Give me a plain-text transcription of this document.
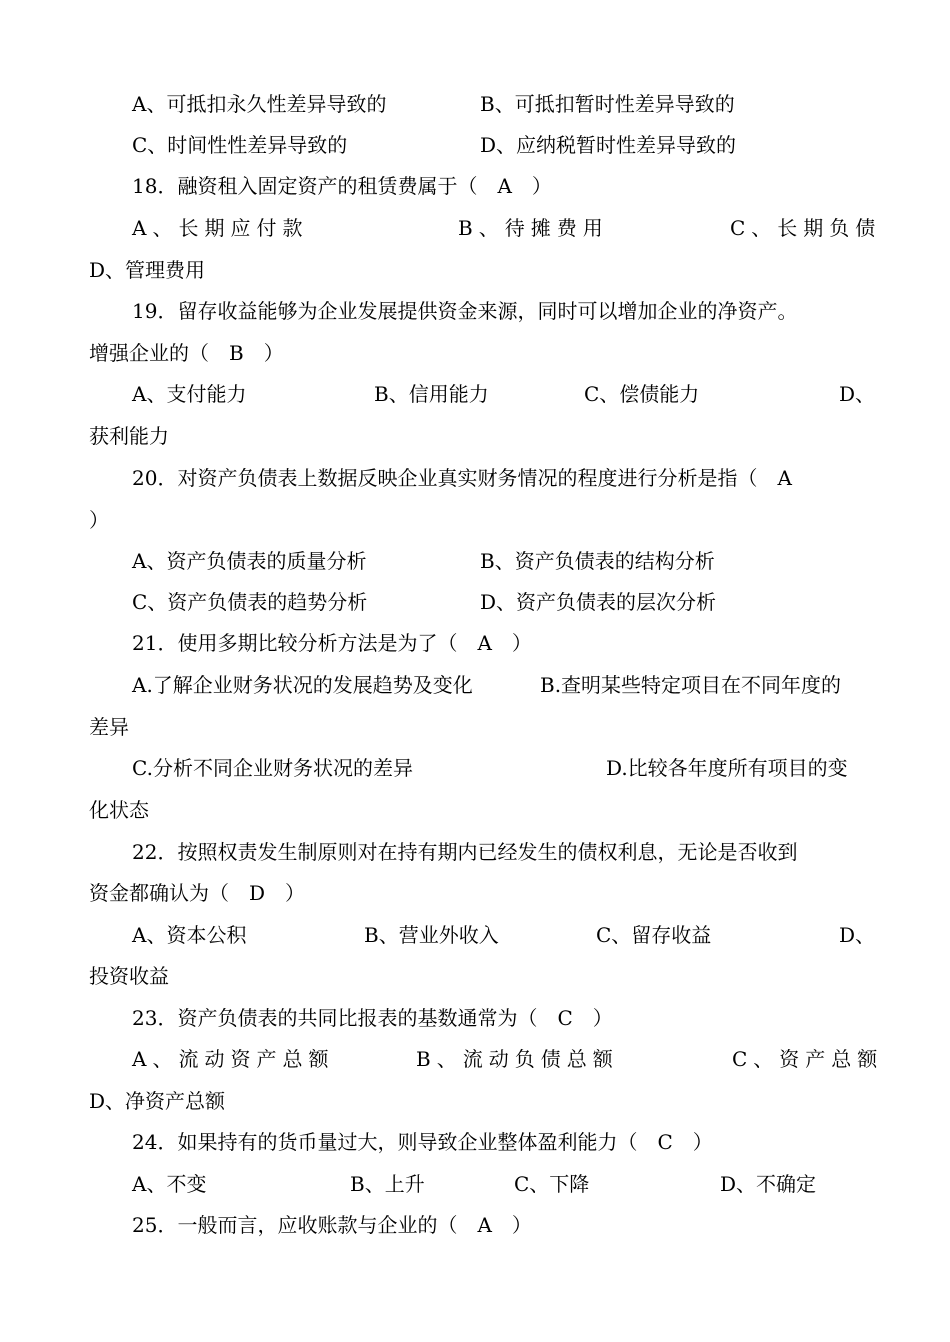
A、可抵扣永久性差异导致的	B、可抵扣暂时性差异导致的
C、时间性性差异导致的	D、应纳税暂时性差异导致的
18．融资租入固定资产的租赁费属于（　A　）
A、长期应付款	B、待摊费用	C、长期负债
D、管理费用
19．留存收益能够为企业发展提供资金来源，同时可以增加企业的净资产。
增强企业的（　B　）
A、支付能力	B、信用能力	C、偿债能力	D、
获利能力
20．对资产负债表上数据反映企业真实财务情况的程度进行分析是指（　A
）
A、资产负债表的质量分析	B、资产负债表的结构分析
C、资产负债表的趋势分析	D、资产负债表的层次分析
21．使用多期比较分析方法是为了（　A　）
A.了解企业财务状况的发展趋势及变化	B.查明某些特定项目在不同年度的
差异
C.分析不同企业财务状况的差异	D.比较各年度所有项目的变
化状态
22．按照权责发生制原则对在持有期内已经发生的债权利息，无论是否收到
资金都确认为（　D　）
A、资本公积	B、营业外收入	C、留存收益	D、
投资收益
23．资产负债表的共同比报表的基数通常为（　C　）
A、流动资产总额	B、流动负债总额	C、资产总额
D、净资产总额
24．如果持有的货币量过大，则导致企业整体盈利能力（　C　）
A、不变	B、上升	C、下降	D、不确定
25．一般而言，应收账款与企业的（　A　）
